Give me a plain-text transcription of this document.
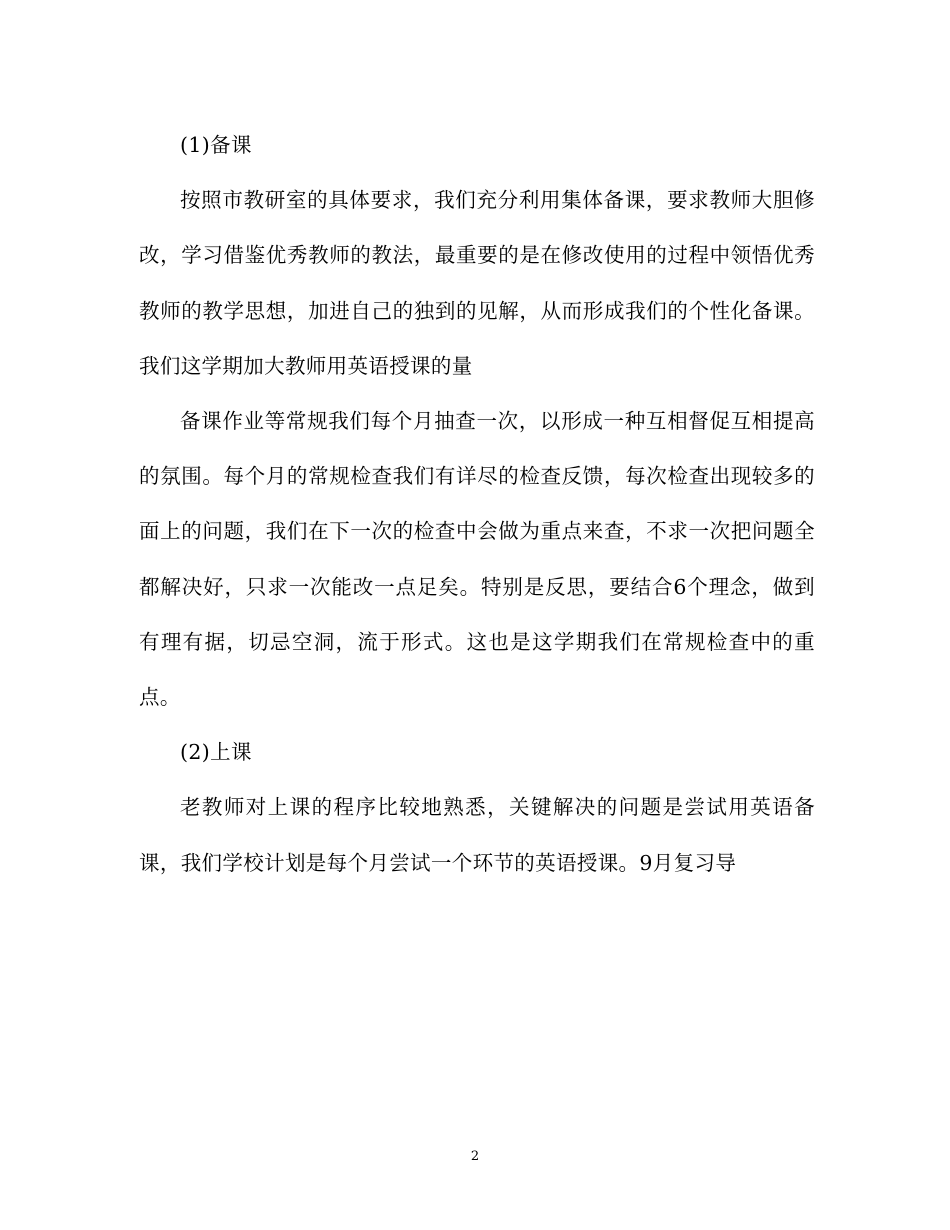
(1)备课

按照市教研室的具体要求，我们充分利用集体备课，要求教师大胆修改，学习借鉴优秀教师的教法，最重要的是在修改使用的过程中领悟优秀教师的教学思想，加进自己的独到的见解，从而形成我们的个性化备课。我们这学期加大教师用英语授课的量

备课作业等常规我们每个月抽查一次，以形成一种互相督促互相提高的氛围。每个月的常规检查我们有详尽的检查反馈，每次检查出现较多的面上的问题，我们在下一次的检查中会做为重点来查，不求一次把问题全都解决好，只求一次能改一点足矣。特别是反思，要结合6个理念，做到有理有据，切忌空洞，流于形式。这也是这学期我们在常规检查中的重点。

(2)上课

老教师对上课的程序比较地熟悉，关键解决的问题是尝试用英语备课，我们学校计划是每个月尝试一个环节的英语授课。9月复习导

2
